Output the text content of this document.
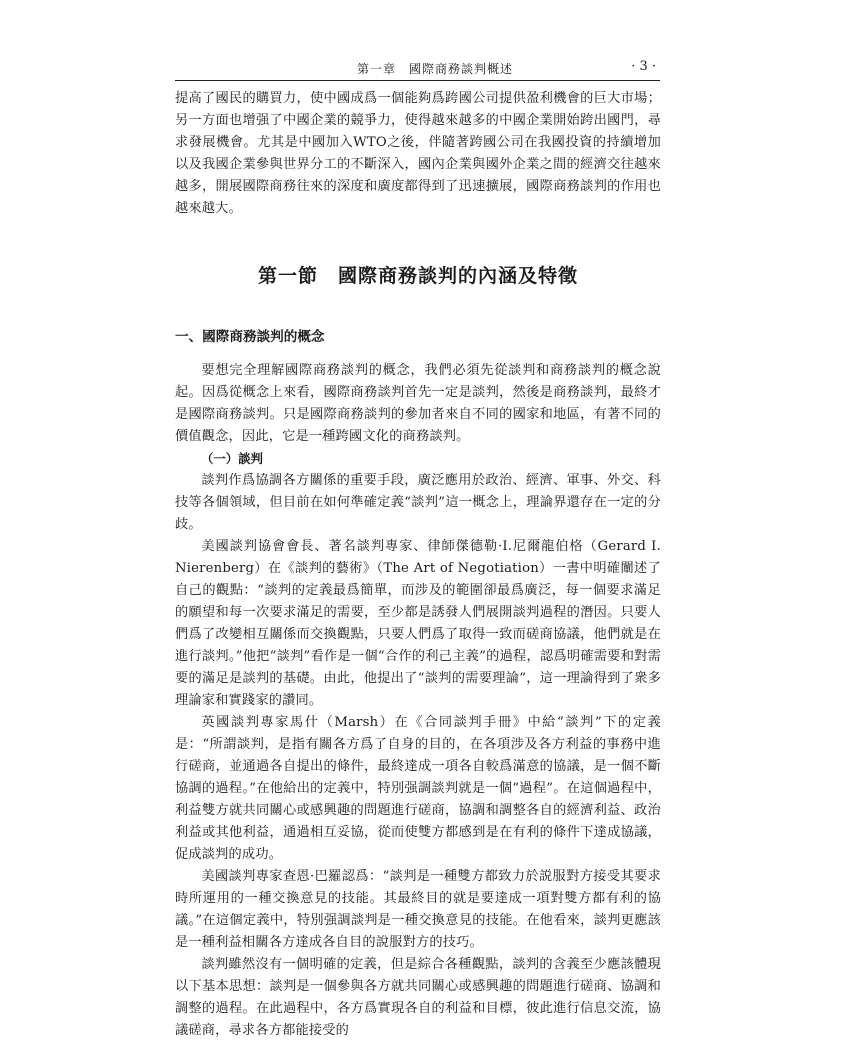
第一章　國際商務談判概述	· 3 ·

提高了國民的購買力，使中國成爲一個能夠爲跨國公司提供盈利機會的巨大市場；另一方面也增强了中國企業的競爭力，使得越來越多的中國企業開始跨出國門，尋求發展機會。尤其是中國加入WTO之後，伴隨著跨國公司在我國投資的持續增加以及我國企業參與世界分工的不斷深入，國內企業與國外企業之間的經濟交往越來越多，開展國際商務往來的深度和廣度都得到了迅速擴展，國際商務談判的作用也越來越大。

第一節 國際商務談判的內涵及特徵
一、國際商務談判的概念

要想完全理解國際商務談判的概念，我們必須先從談判和商務談判的概念說起。因爲從概念上來看，國際商務談判首先一定是談判，然後是商務談判，最終才是國際商務談判。只是國際商務談判的參加者來自不同的國家和地區，有著不同的價值觀念，因此，它是一種跨國文化的商務談判。

（一）談判

談判作爲協調各方關係的重要手段，廣泛應用於政治、經濟、軍事、外交、科技等各個領域，但目前在如何準確定義“談判”這一概念上，理論界還存在一定的分歧。

美國談判協會會長、著名談判專家、律師傑德勒·I.尼爾龍伯格（Gerard I. Nierenberg）在《談判的藝術》（The Art of Negotiation）一書中明確闡述了自己的觀點：“談判的定義最爲簡單，而涉及的範圍卻最爲廣泛，每一個要求滿足的願望和每一次要求滿足的需要，至少都是誘發人們展開談判過程的潛因。只要人們爲了改變相互關係而交換觀點，只要人們爲了取得一致而磋商協議，他們就是在進行談判。”他把“談判”看作是一個“合作的利己主義”的過程，認爲明確需要和對需要的滿足是談判的基礎。由此，他提出了“談判的需要理論”，這一理論得到了衆多理論家和實踐家的讚同。

英國談判專家馬什（Marsh）在《合同談判手冊》中給“談判”下的定義是：“所謂談判，是指有關各方爲了自身的目的，在各項涉及各方利益的事務中進行磋商，並通過各自提出的條件，最終達成一項各自較爲滿意的協議，是一個不斷協調的過程。”在他給出的定義中，特別强調談判就是一個“過程”。在這個過程中，利益雙方就共同關心或感興趣的問題進行磋商，協調和調整各自的經濟利益、政治利益或其他利益，通過相互妥協，從而使雙方都感到是在有利的條件下達成協議，促成談判的成功。

美國談判專家查恩·巴羅認爲：“談判是一種雙方都致力於説服對方接受其要求時所運用的一種交換意見的技能。其最終目的就是要達成一項對雙方都有利的協議。”在這個定義中，特別强調談判是一種交換意見的技能。在他看來，談判更應該是一種利益相關各方達成各自目的說服對方的技巧。

談判雖然沒有一個明確的定義，但是綜合各種觀點，談判的含義至少應該體現以下基本思想：談判是一個參與各方就共同關心或感興趣的問題進行磋商、協調和調整的過程。在此過程中，各方爲實現各自的利益和目標，彼此進行信息交流，協議磋商，尋求各方都能接受的
